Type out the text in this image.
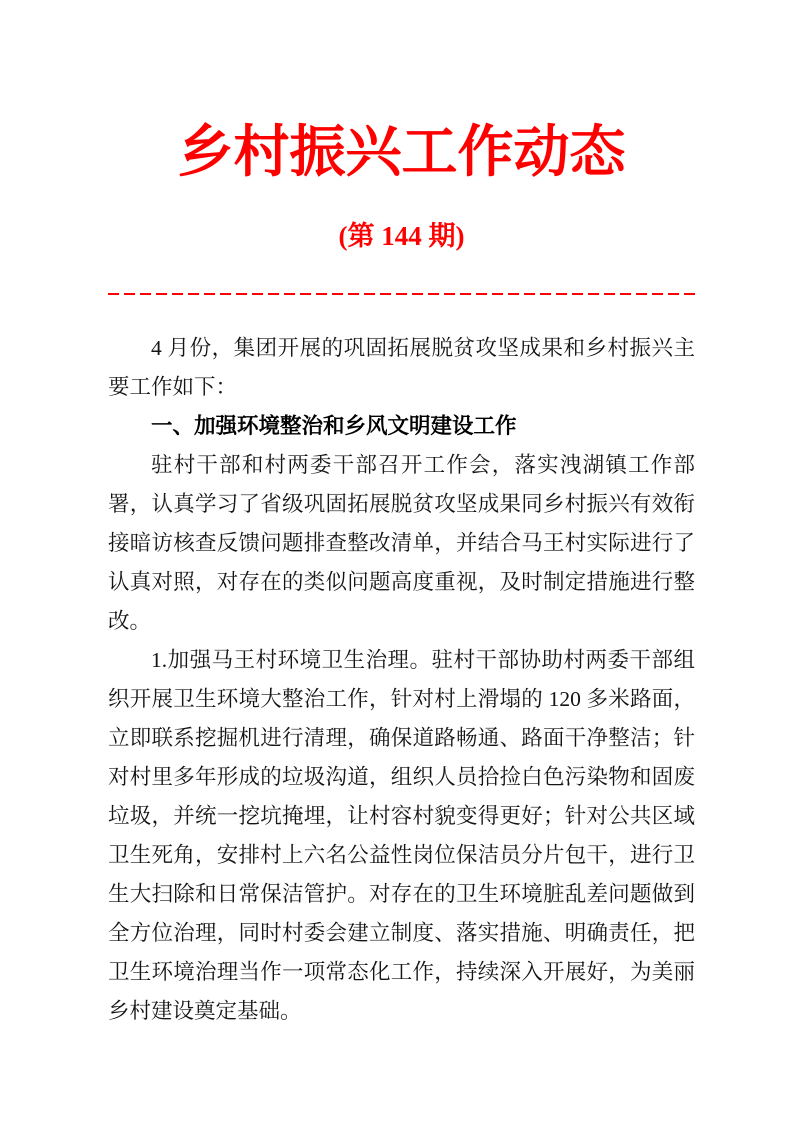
乡村振兴工作动态
(第 144 期)

4 月份，集团开展的巩固拓展脱贫攻坚成果和乡村振兴主要工作如下：

一、加强环境整治和乡风文明建设工作

驻村干部和村两委干部召开工作会，落实洩湖镇工作部署，认真学习了省级巩固拓展脱贫攻坚成果同乡村振兴有效衔接暗访核查反馈问题排查整改清单，并结合马王村实际进行了认真对照，对存在的类似问题高度重视，及时制定措施进行整改。

1.加强马王村环境卫生治理。驻村干部协助村两委干部组织开展卫生环境大整治工作，针对村上滑塌的 120 多米路面，立即联系挖掘机进行清理，确保道路畅通、路面干净整洁；针对村里多年形成的垃圾沟道，组织人员拾捡白色污染物和固废垃圾，并统一挖坑掩埋，让村容村貌变得更好；针对公共区域卫生死角，安排村上六名公益性岗位保洁员分片包干，进行卫生大扫除和日常保洁管护。对存在的卫生环境脏乱差问题做到全方位治理，同时村委会建立制度、落实措施、明确责任，把卫生环境治理当作一项常态化工作，持续深入开展好，为美丽乡村建设奠定基础。
